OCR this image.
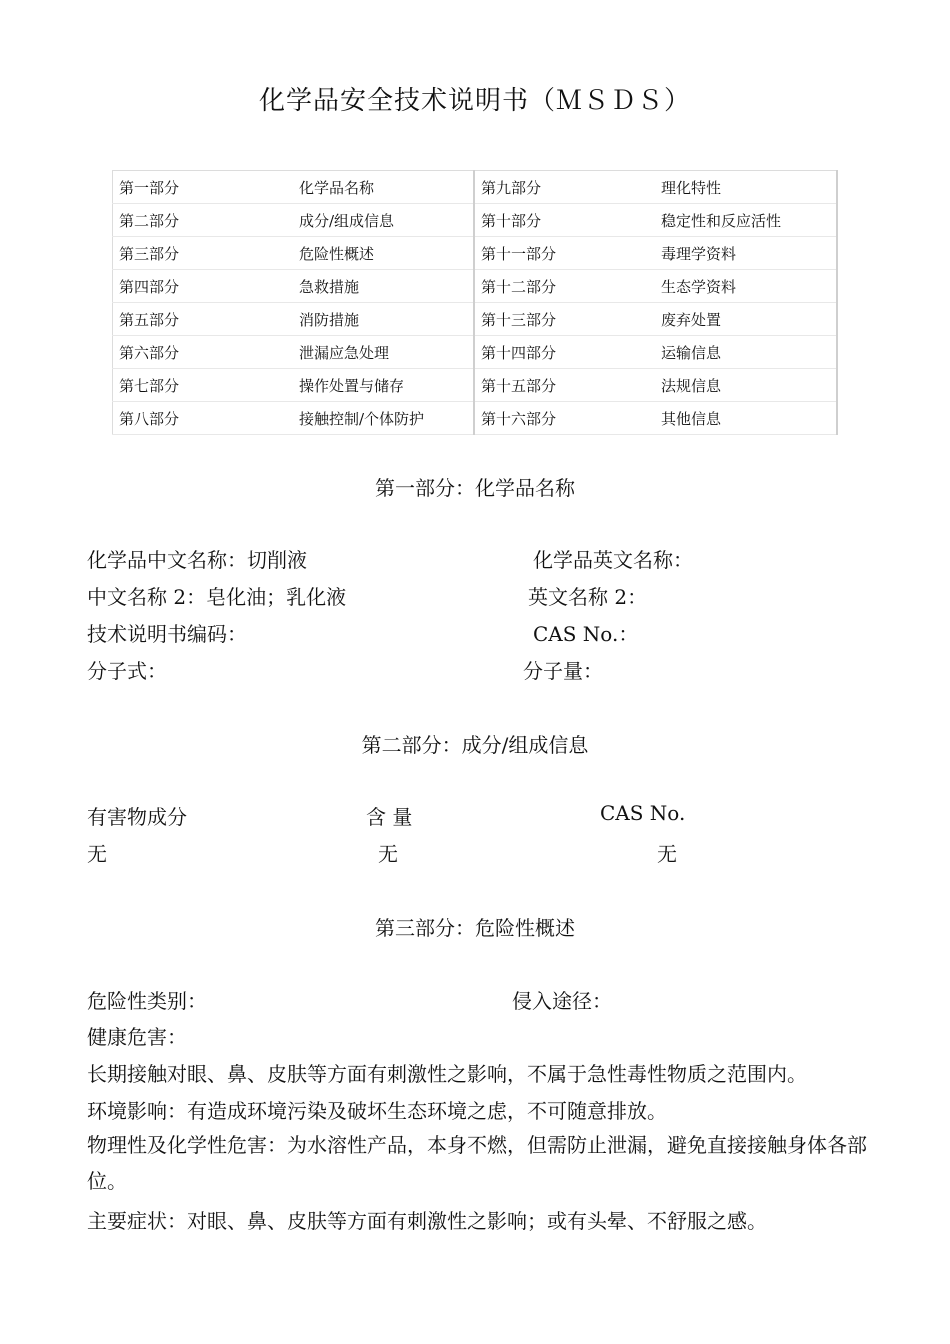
化学品安全技术说明书（ＭＳＤＳ）
第一部分	化学品名称	第九部分	理化特性
第二部分	成分/组成信息	第十部分	稳定性和反应活性
第三部分	危险性概述	第十一部分	毒理学资料
第四部分	急救措施	第十二部分	生态学资料
第五部分	消防措施	第十三部分	废弃处置
第六部分	泄漏应急处理	第十四部分	运输信息
第七部分	操作处置与储存	第十五部分	法规信息
第八部分	接触控制/个体防护	第十六部分	其他信息
第一部分：化学品名称
化学品中文名称：切削液	化学品英文名称：
中文名称 2：皂化油；乳化液	英文名称 2：
技术说明书编码：	CAS No.：
分子式：	分子量：
第二部分：成分/组成信息
有害物成分	含 量	CAS No.
无	无	无
第三部分：危险性概述
危险性类别：	侵入途径：
健康危害：
长期接触对眼、鼻、皮肤等方面有刺激性之影响，不属于急性毒性物质之范围内。
环境影响：有造成环境污染及破坏生态环境之虑，不可随意排放。
物理性及化学性危害：为水溶性产品，本身不燃，但需防止泄漏，避免直接接触身体各部位。
主要症状：对眼、鼻、皮肤等方面有刺激性之影响；或有头晕、不舒服之感。
